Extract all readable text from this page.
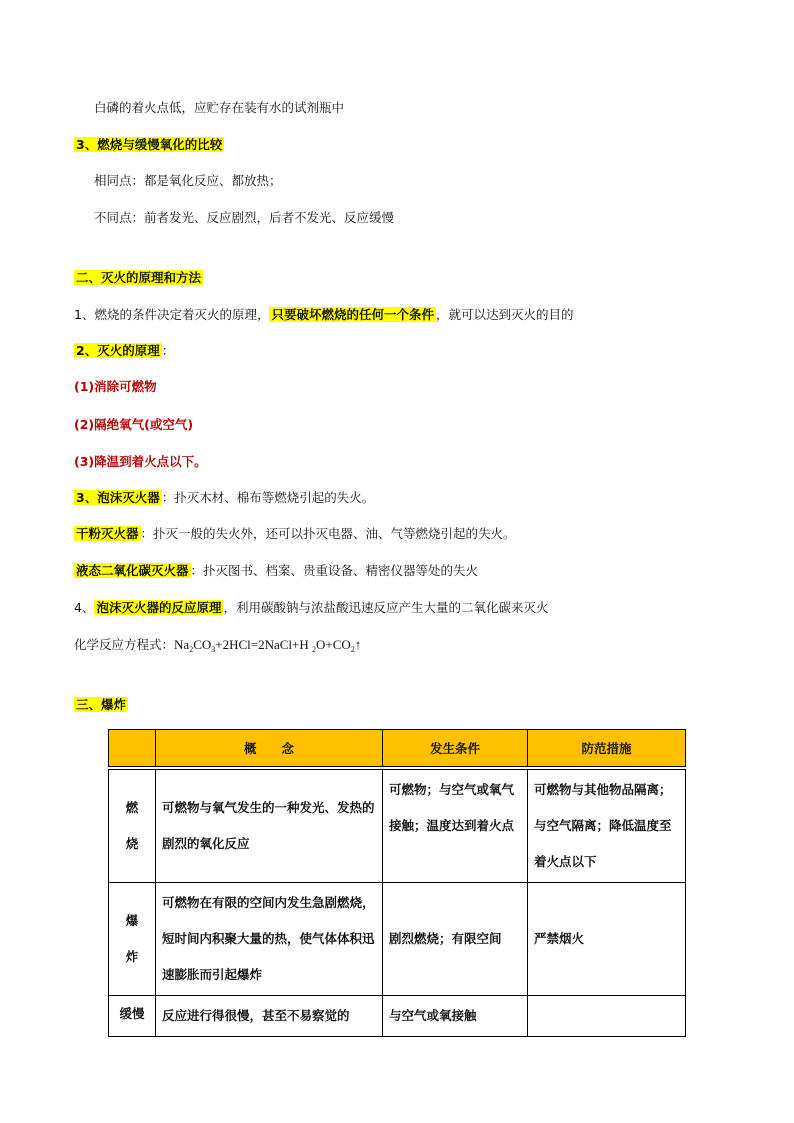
白磷的着火点低，应贮存在装有水的试剂瓶中
3、燃烧与缓慢氧化的比较
相同点：都是氧化反应、都放热；
不同点：前者发光、反应剧烈，后者不发光、反应缓慢
二、灭火的原理和方法
1、燃烧的条件决定着灭火的原理， 只要破坏燃烧的任何一个条件 ，就可以达到灭火的目的
2、灭火的原理 ：
(1)消除可燃物
(2)隔绝氧气(或空气)
(3)降温到着火点以下。
3、泡沫灭火器 ：扑灭木材、棉布等燃烧引起的失火。
干粉灭火器 ：扑灭一般的失火外，还可以扑灭电器、油、气等燃烧引起的失火。
液态二氧化碳灭火器 ：扑灭图书、档案、贵重设备、精密仪器等处的失火
4、 泡沫灭火器的反应原理 ，利用碳酸钠与浓盐酸迅速反应产生大量的二氧化碳来灭火
化学反应方程式：$Na_2CO_3+2HCl=2NaCl+H$ $_2O+CO_2↑$
三、爆炸
	概　　念	发生条件	防范措施

燃
烧	可燃物与氧气发生的一种发光、发热的剧烈的氧化反应	可燃物；与空气或氧气接触；温度达到着火点	可燃物与其他物品隔离；与空气隔离；降低温度至着火点以下
爆
炸	可燃物在有限的空间内发生急剧燃烧，短时间内积聚大量的热，使气体体积迅速膨胀而引起爆炸	剧烈燃烧；有限空间	严禁烟火
缓慢	反应进行得很慢，甚至不易察觉的	与空气或氧接触	
